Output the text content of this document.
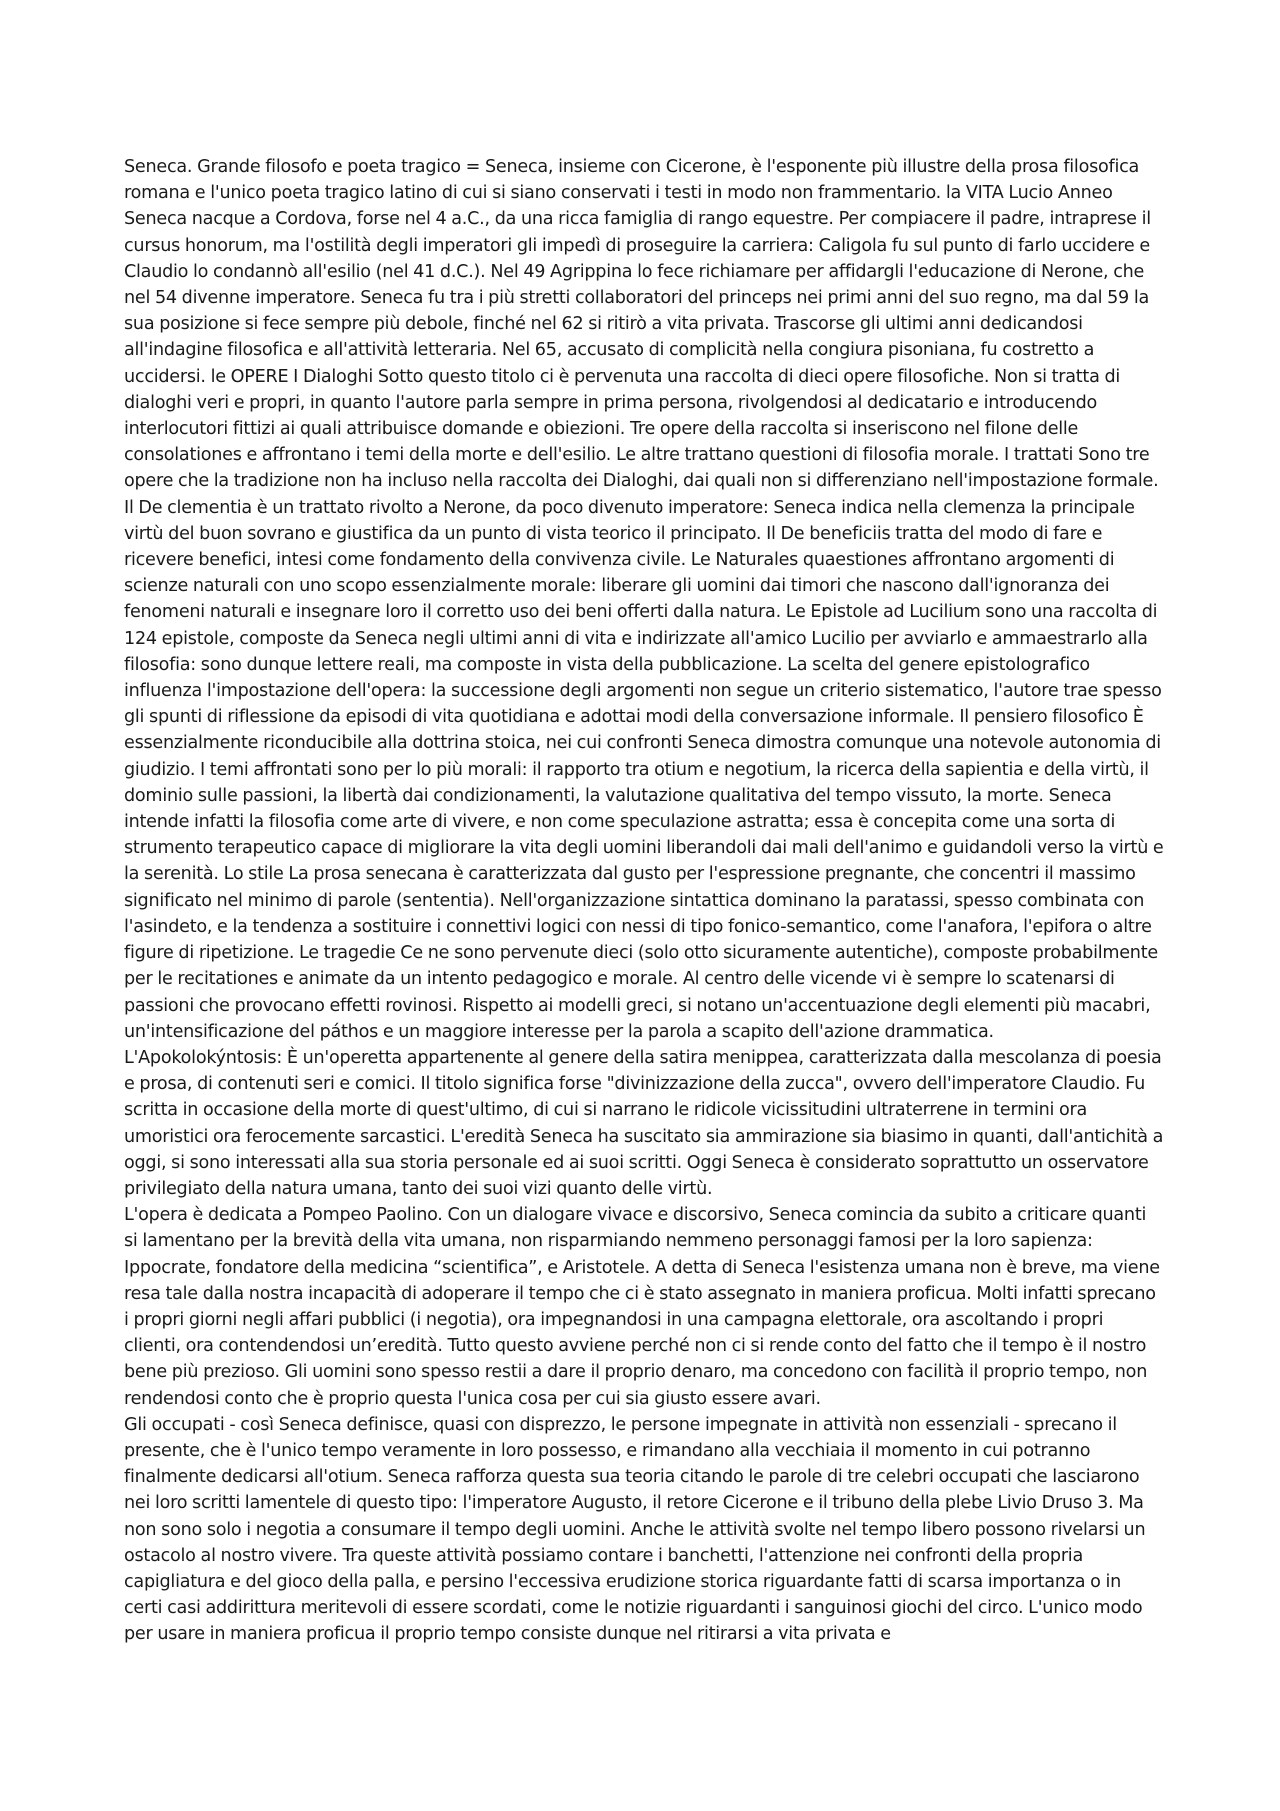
Seneca. Grande filosofo e poeta tragico = Seneca, insieme con Cicerone, è l'esponente più illustre della prosa filosofica romana e l'unico poeta tragico latino di cui si siano conservati i testi in modo non frammentario. la VITA Lucio Anneo Seneca nacque a Cordova, forse nel 4 a.C., da una ricca famiglia di rango equestre. Per compiacere il padre, intraprese il cursus honorum, ma l'ostilità degli imperatori gli impedì di proseguire la carriera: Caligola fu sul punto di farlo uccidere e Claudio lo condannò all'esilio (nel 41 d.C.). Nel 49 Agrippina lo fece richiamare per affidargli l'educazione di Nerone, che nel 54 divenne imperatore. Seneca fu tra i più stretti collaboratori del princeps nei primi anni del suo regno, ma dal 59 la sua posizione si fece sempre più debole, finché nel 62 si ritirò a vita privata. Trascorse gli ultimi anni dedicandosi all'indagine filosofica e all'attività letteraria. Nel 65, accusato di complicità nella congiura pisoniana, fu costretto a uccidersi. le OPERE I Dialoghi Sotto questo titolo ci è pervenuta una raccolta di dieci opere filosofiche. Non si tratta di dialoghi veri e propri, in quanto l'autore parla sempre in prima persona, rivolgendosi al dedicatario e introducendo interlocutori fittizi ai quali attribuisce domande e obiezioni. Tre opere della raccolta si inseriscono nel filone delle consolationes e affrontano i temi della morte e dell'esilio. Le altre trattano questioni di filosofia morale. I trattati Sono tre opere che la tradizione non ha incluso nella raccolta dei Dialoghi, dai quali non si differenziano nell'impostazione formale. Il De clementia è un trattato rivolto a Nerone, da poco divenuto imperatore: Seneca indica nella clemenza la principale virtù del buon sovrano e giustifica da un punto di vista teorico il principato. Il De beneficiis tratta del modo di fare e ricevere benefici, intesi come fondamento della convivenza civile. Le Naturales quaestiones affrontano argomenti di scienze naturali con uno scopo essenzialmente morale: liberare gli uomini dai timori che nascono dall'ignoranza dei fenomeni naturali e insegnare loro il corretto uso dei beni offerti dalla natura. Le Epistole ad Lucilium sono una raccolta di 124 epistole, composte da Seneca negli ultimi anni di vita e indirizzate all'amico Lucilio per avviarlo e ammaestrarlo alla filosofia: sono dunque lettere reali, ma composte in vista della pubblicazione. La scelta del genere epistolografico influenza l'impostazione dell'opera: la successione degli argomenti non segue un criterio sistematico, l'autore trae spesso gli spunti di riflessione da episodi di vita quotidiana e adottai modi della conversazione informale. Il pensiero filosofico È essenzialmente riconducibile alla dottrina stoica, nei cui confronti Seneca dimostra comunque una notevole autonomia di giudizio. I temi affrontati sono per lo più morali: il rapporto tra otium e negotium, la ricerca della sapientia e della virtù, il dominio sulle passioni, la libertà dai condizionamenti, la valutazione qualitativa del tempo vissuto, la morte. Seneca intende infatti la filosofia come arte di vivere, e non come speculazione astratta; essa è concepita come una sorta di strumento terapeutico capace di migliorare la vita degli uomini liberandoli dai mali dell'animo e guidandoli verso la virtù e la serenità. Lo stile La prosa senecana è caratterizzata dal gusto per l'espressione pregnante, che concentri il massimo significato nel minimo di parole (sententia). Nell'organizzazione sintattica dominano la paratassi, spesso combinata con l'asindeto, e la tendenza a sostituire i connettivi logici con nessi di tipo fonico-semantico, come l'anafora, l'epifora o altre figure di ripetizione. Le tragedie Ce ne sono pervenute dieci (solo otto sicuramente autentiche), composte probabilmente per le recitationes e animate da un intento pedagogico e morale. Al centro delle vicende vi è sempre lo scatenarsi di passioni che provocano effetti rovinosi. Rispetto ai modelli greci, si notano un'accentuazione degli elementi più macabri, un'intensificazione del páthos e un maggiore interesse per la parola a scapito dell'azione drammatica.

L'Apokolokýntosis: È un'operetta appartenente al genere della satira menippea, caratterizzata dalla mescolanza di poesia e prosa, di contenuti seri e comici. Il titolo significa forse "divinizzazione della zucca", ovvero dell'imperatore Claudio. Fu scritta in occasione della morte di quest'ultimo, di cui si narrano le ridicole vicissitudini ultraterrene in termini ora umoristici ora ferocemente sarcastici. L'eredità Seneca ha suscitato sia ammirazione sia biasimo in quanti, dall'antichità a oggi, si sono interessati alla sua storia personale ed ai suoi scritti. Oggi Seneca è considerato soprattutto un osservatore privilegiato della natura umana, tanto dei suoi vizi quanto delle virtù.

L'opera è dedicata a Pompeo Paolino. Con un dialogare vivace e discorsivo, Seneca comincia da subito a criticare quanti si lamentano per la brevità della vita umana, non risparmiando nemmeno personaggi famosi per la loro sapienza: Ippocrate, fondatore della medicina “scientifica”, e Aristotele. A detta di Seneca l'esistenza umana non è breve, ma viene resa tale dalla nostra incapacità di adoperare il tempo che ci è stato assegnato in maniera proficua. Molti infatti sprecano i propri giorni negli affari pubblici (i negotia), ora impegnandosi in una campagna elettorale, ora ascoltando i propri clienti, ora contendendosi un’eredità. Tutto questo avviene perché non ci si rende conto del fatto che il tempo è il nostro bene più prezioso. Gli uomini sono spesso restii a dare il proprio denaro, ma concedono con facilità il proprio tempo, non rendendosi conto che è proprio questa l'unica cosa per cui sia giusto essere avari.

Gli occupati - così Seneca definisce, quasi con disprezzo, le persone impegnate in attività non essenziali - sprecano il presente, che è l'unico tempo veramente in loro possesso, e rimandano alla vecchiaia il momento in cui potranno finalmente dedicarsi all'otium. Seneca rafforza questa sua teoria citando le parole di tre celebri occupati che lasciarono nei loro scritti lamentele di questo tipo: l'imperatore Augusto, il retore Cicerone e il tribuno della plebe Livio Druso 3. Ma non sono solo i negotia a consumare il tempo degli uomini. Anche le attività svolte nel tempo libero possono rivelarsi un ostacolo al nostro vivere. Tra queste attività possiamo contare i banchetti, l'attenzione nei confronti della propria capigliatura e del gioco della palla, e persino l'eccessiva erudizione storica riguardante fatti di scarsa importanza o in certi casi addirittura meritevoli di essere scordati, come le notizie riguardanti i sanguinosi giochi del circo. L'unico modo per usare in maniera proficua il proprio tempo consiste dunque nel ritirarsi a vita privata e
